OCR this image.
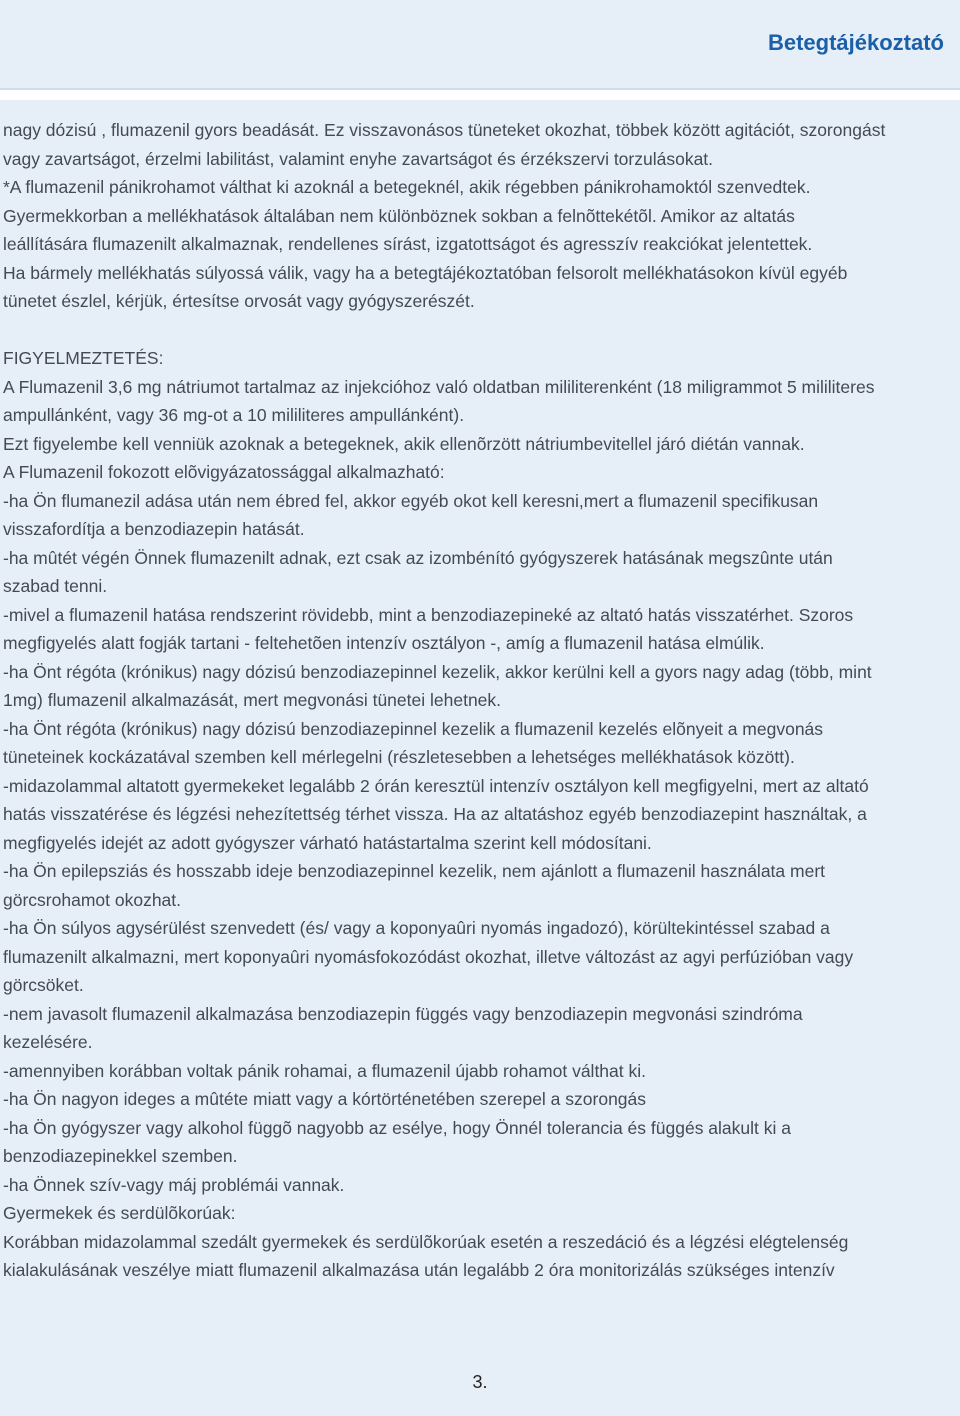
Betegtájékoztató

nagy dózisú , flumazenil gyors beadását. Ez visszavonásos tüneteket okozhat, többek között agitációt, szorongást

vagy zavartságot, érzelmi labilitást, valamint enyhe zavartságot és érzékszervi torzulásokat.

*A flumazenil pánikrohamot válthat ki azoknál a betegeknél, akik régebben pánikrohamoktól szenvedtek.

Gyermekkorban a mellékhatások általában nem különböznek sokban a felnõttekétõl. Amikor az altatás

leállítására flumazenilt alkalmaznak, rendellenes sírást, izgatottságot és agresszív reakciókat jelentettek.

Ha bármely mellékhatás súlyossá válik, vagy ha a betegtájékoztatóban felsorolt mellékhatásokon kívül egyéb

tünetet észlel, kérjük, értesítse orvosát vagy gyógyszerészét.

FIGYELMEZTETÉS:

A Flumazenil 3,6 mg nátriumot tartalmaz az injekcióhoz való oldatban mililiterenként (18 miligrammot 5 mililiteres

ampullánként, vagy 36 mg-ot a 10 mililiteres ampullánként).

Ezt figyelembe kell venniük azoknak a betegeknek, akik ellenõrzött nátriumbevitellel járó diétán vannak.

A Flumazenil fokozott elõvigyázatossággal alkalmazható:

-ha Ön flumanezil adása után nem ébred fel, akkor egyéb okot kell keresni,mert a flumazenil specifikusan

visszafordítja a benzodiazepin hatását.

-ha mûtét végén Önnek flumazenilt adnak, ezt csak az izombénító gyógyszerek hatásának megszûnte után

szabad tenni.

-mivel a flumazenil hatása rendszerint rövidebb, mint a benzodiazepineké az altató hatás visszatérhet. Szoros

megfigyelés alatt fogják tartani - feltehetõen intenzív osztályon -, amíg a flumazenil hatása elmúlik.

-ha Önt régóta (krónikus) nagy dózisú benzodiazepinnel kezelik, akkor kerülni kell a gyors nagy adag (több, mint

1mg) flumazenil alkalmazását, mert megvonási tünetei lehetnek.

-ha Önt régóta (krónikus) nagy dózisú benzodiazepinnel kezelik a flumazenil kezelés elõnyeit a megvonás

tüneteinek kockázatával szemben kell mérlegelni (részletesebben a lehetséges mellékhatások között).

-midazolammal altatott gyermekeket legalább 2 órán keresztül intenzív osztályon kell megfigyelni, mert az altató

hatás visszatérése és légzési nehezítettség térhet vissza. Ha az altatáshoz egyéb benzodiazepint használtak, a

megfigyelés idejét az adott gyógyszer várható hatástartalma szerint kell módosítani.

-ha Ön epilepsziás és hosszabb ideje benzodiazepinnel kezelik, nem ajánlott a flumazenil használata mert

görcsrohamot okozhat.

-ha Ön súlyos agysérülést szenvedett (és/ vagy a koponyaûri nyomás ingadozó), körültekintéssel szabad a

flumazenilt alkalmazni, mert koponyaûri nyomásfokozódást okozhat, illetve változást az agyi perfúzióban vagy

görcsöket.

-nem javasolt flumazenil alkalmazása benzodiazepin függés vagy benzodiazepin megvonási szindróma

kezelésére.

-amennyiben korábban voltak pánik rohamai, a flumazenil újabb rohamot válthat ki.

-ha Ön nagyon ideges a mûtéte miatt vagy a kórtörténetében szerepel a szorongás

-ha Ön gyógyszer vagy alkohol függõ nagyobb az esélye, hogy Önnél tolerancia és függés alakult ki a

benzodiazepinekkel szemben.

-ha Önnek szív-vagy máj problémái vannak.

Gyermekek és serdülõkorúak:

Korábban midazolammal szedált gyermekek és serdülõkorúak esetén a reszedáció és a légzési elégtelenség

kialakulásának veszélye miatt flumazenil alkalmazása után legalább 2 óra monitorizálás szükséges intenzív

3.
